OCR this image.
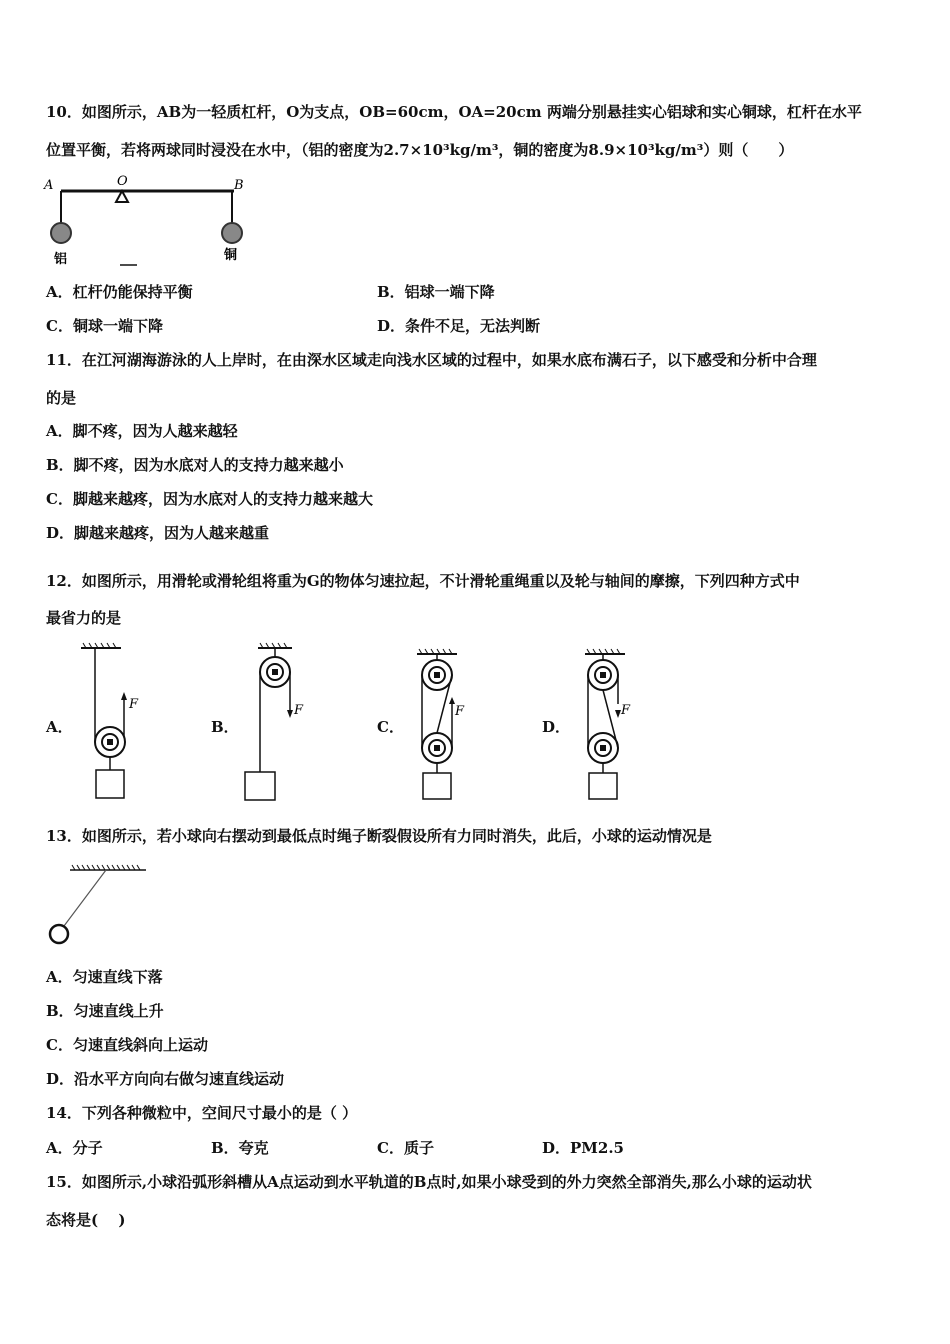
10．如图所示，AB为一轻质杠杆，O为支点，OB=60cm，OA=20cm 两端分别悬挂实心铝球和实心铜球，杠杆在水平
位置平衡，若将两球同时浸没在水中，（铝的密度为2.7×10³kg/m³，铜的密度为8.9×10³kg/m³）则（　　）
A	O	B
铝	铜
A．杠杆仍能保持平衡	B．铝球一端下降
C．铜球一端下降	D．条件不足，无法判断
11．在江河湖海游泳的人上岸时，在由深水区域走向浅水区域的过程中，如果水底布满石子，以下感受和分析中合理
的是
A．脚不疼，因为人越来越轻
B．脚不疼，因为水底对人的支持力越来越小
C．脚越来越疼，因为水底对人的支持力越来越大
D．脚越来越疼，因为人越来越重
12．如图所示，用滑轮或滑轮组将重为G的物体匀速拉起，不计滑轮重绳重以及轮与轴间的摩擦，下列四种方式中
最省力的是
A．	B．	C．	D．
F	F	F	F
13．如图所示，若小球向右摆动到最低点时绳子断裂假设所有力同时消失，此后，小球的运动情况是
A．匀速直线下落
B．匀速直线上升
C．匀速直线斜向上运动
D．沿水平方向向右做匀速直线运动
14．下列各种微粒中，空间尺寸最小的是（ ）
A．分子	B．夸克	C．质子	D．PM2.5
15．如图所示,小球沿弧形斜槽从A点运动到水平轨道的B点时,如果小球受到的外力突然全部消失,那么小球的运动状
态将是(　 )
